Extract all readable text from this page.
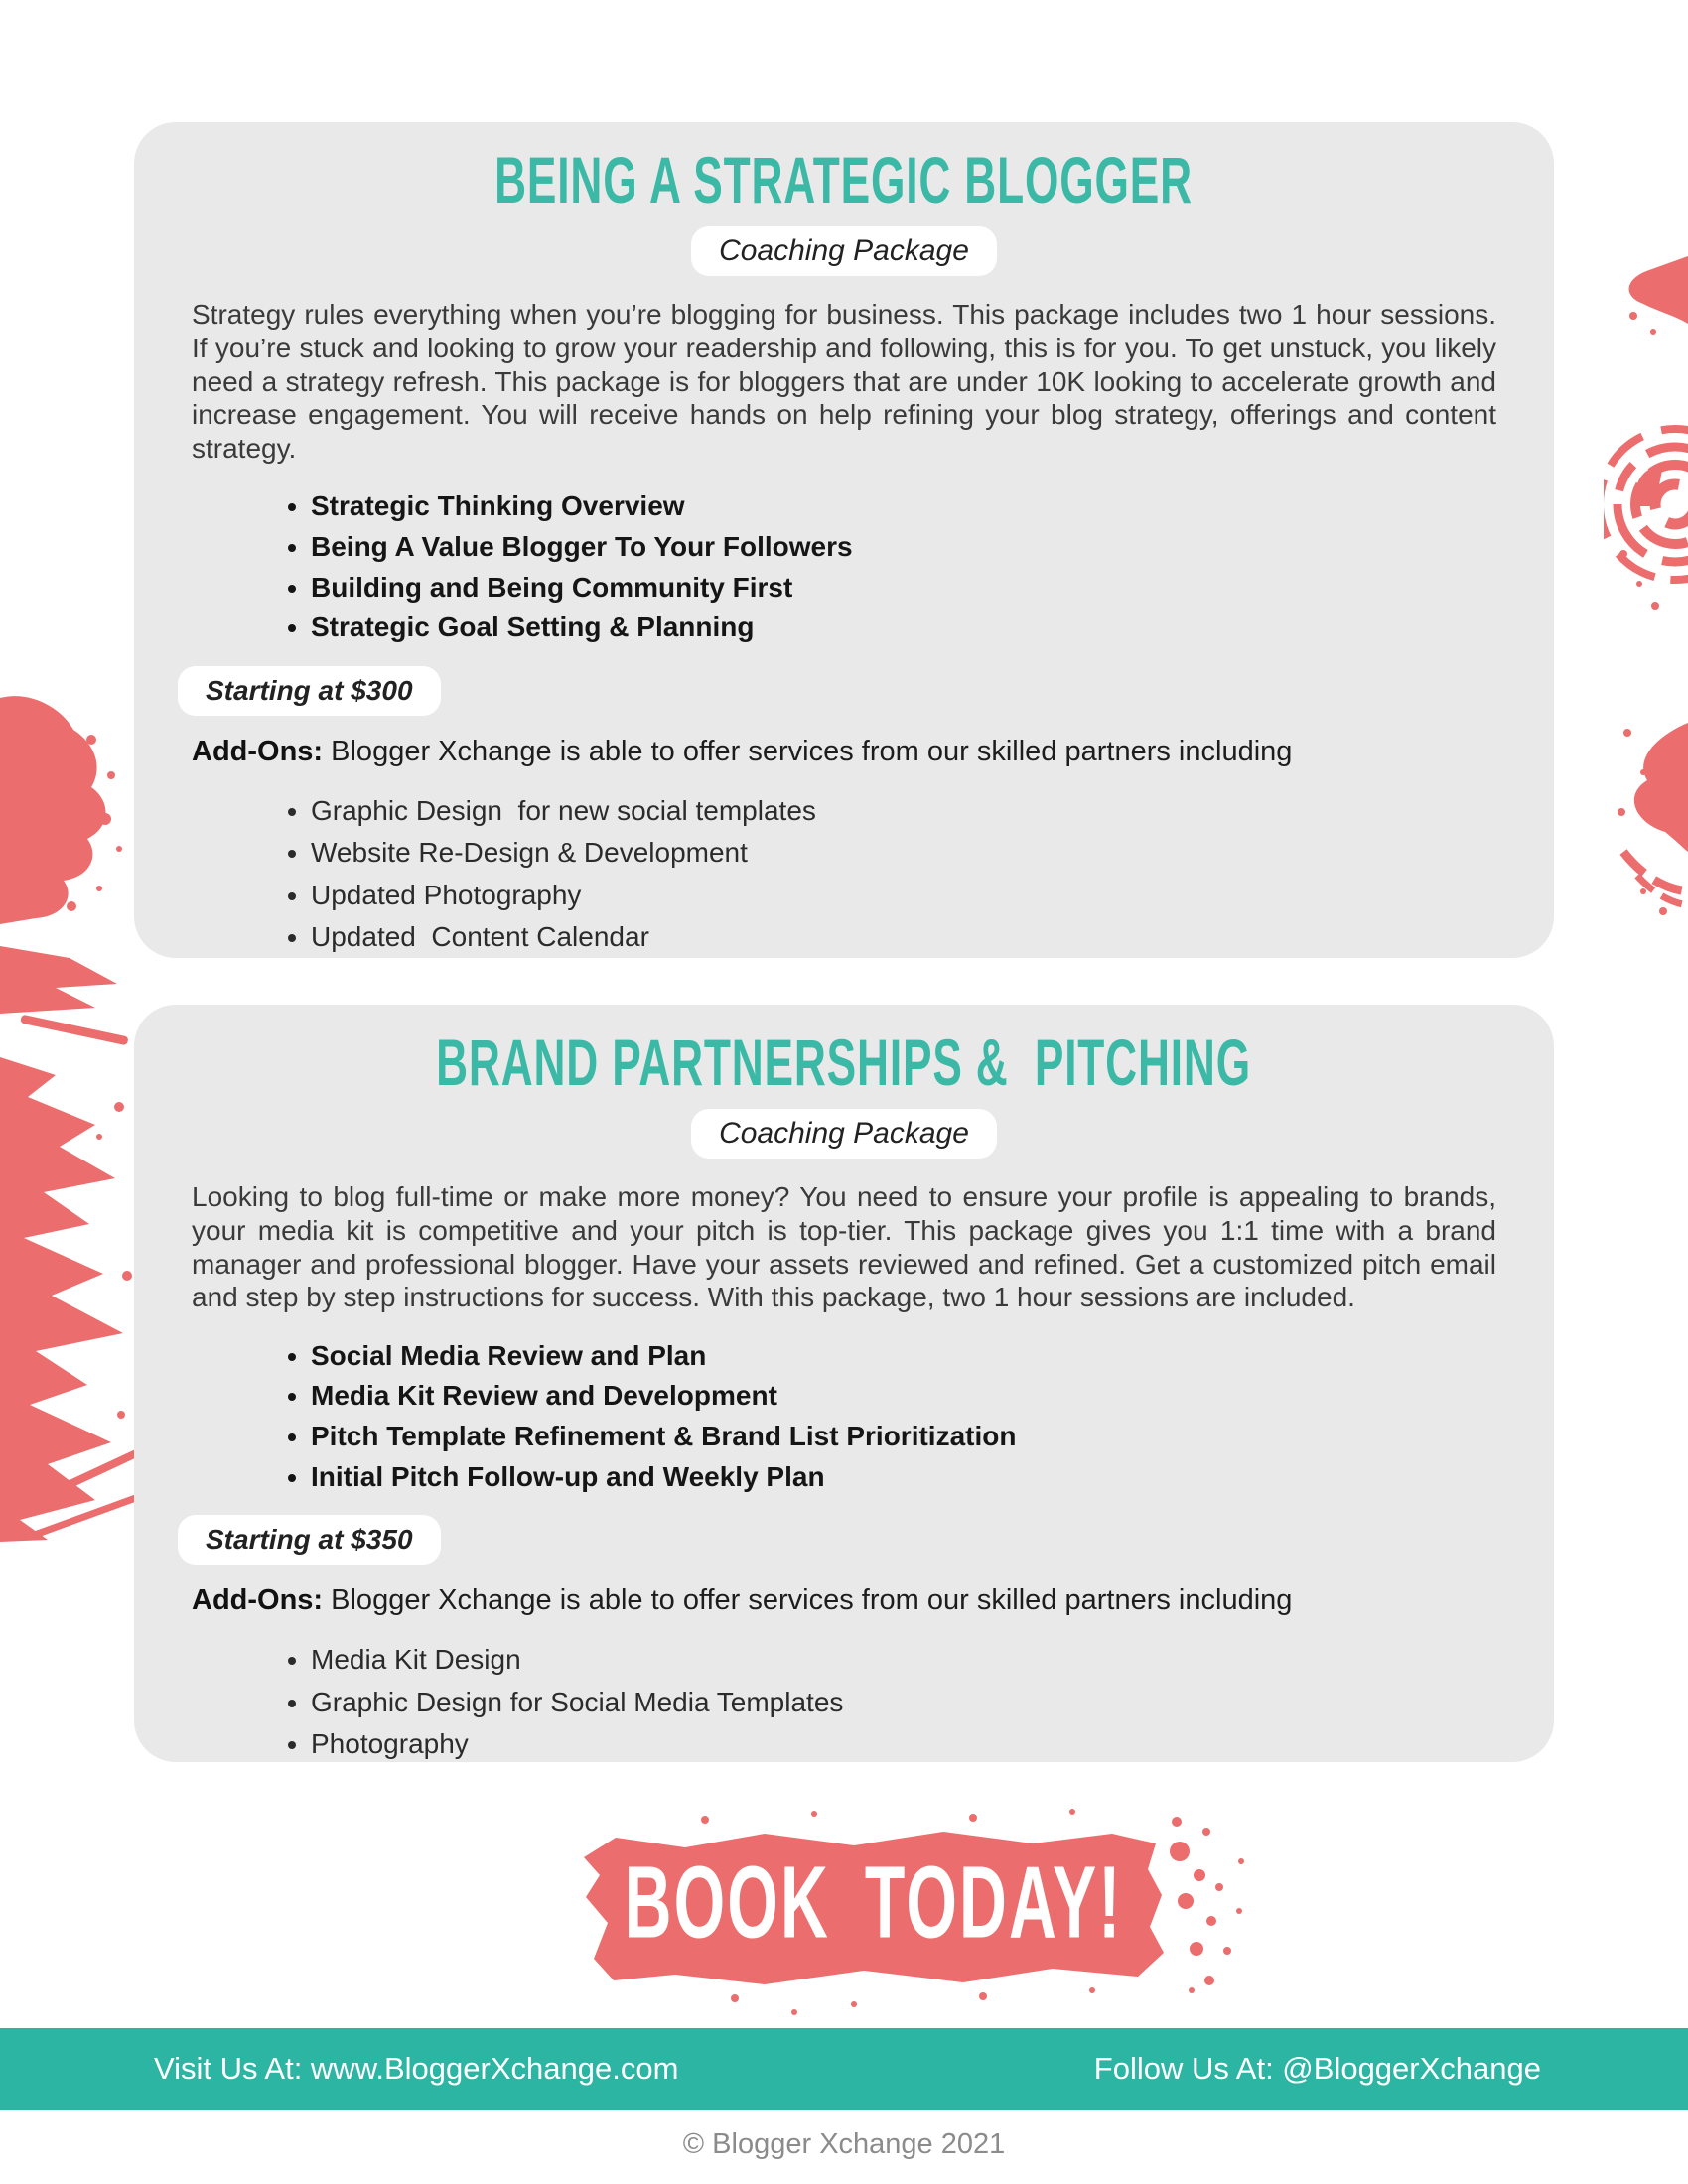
BEING A STRATEGIC BLOGGER
Coaching Package

Strategy rules everything when you’re blogging for business. This package includes two 1 hour sessions. If you’re stuck and looking to grow your readership and following, this is for you. To get unstuck, you likely need a strategy refresh. This package is for bloggers that are under 10K looking to accelerate growth and increase engagement. You will receive hands on help refining your blog strategy, offerings and content strategy.

• Strategic Thinking Overview
• Being A Value Blogger To Your Followers
• Building and Being Community First
• Strategic Goal Setting & Planning
Starting at $300

Add-Ons: Blogger Xchange is able to offer services from our skilled partners including

• Graphic Design  for new social templates
• Website Re-Design & Development
• Updated Photography
• Updated  Content Calendar
BRAND PARTNERSHIPS &  PITCHING
Coaching Package

Looking to blog full-time or make more money? You need to ensure your profile is appealing to brands, your media kit is competitive and your pitch is top-tier. This package gives you 1:1 time with a brand manager and professional blogger. Have your assets reviewed and refined. Get a customized pitch email and step by step instructions for success. With this package, two 1 hour sessions are included.

• Social Media Review and Plan
• Media Kit Review and Development
• Pitch Template Refinement & Brand List Prioritization
• Initial Pitch Follow-up and Weekly Plan
Starting at $350

Add-Ons: Blogger Xchange is able to offer services from our skilled partners including

• Media Kit Design
• Graphic Design for Social Media Templates
• Photography
BOOK TODAY!
Visit Us At: www.BloggerXchange.com	Follow Us At: @BloggerXchange
© Blogger Xchange 2021
